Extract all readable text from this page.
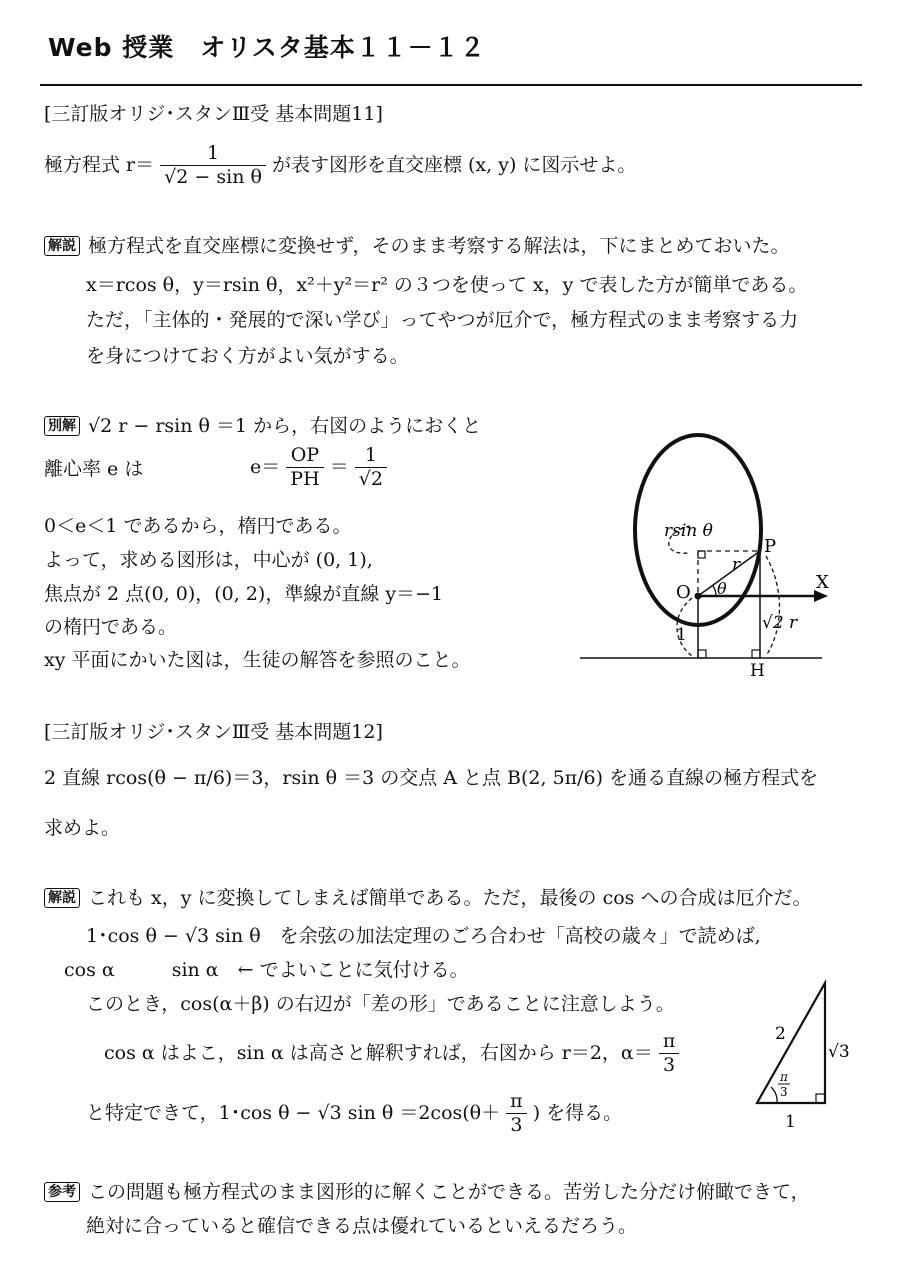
Web 授業　オリスタ基本１１－１２
[三訂版オリジ･スタンⅢ受 基本問題11]
極方程式 $r= \frac{1}{\text{√2 − sin θ}}$ が表す図形を直交座標 (x, y) に図示せよ。
解説 極方程式を直交座標に変換せず，そのまま考察する解法は，下にまとめておいた。
x＝rcos θ，y＝rsin θ，x²＋y²＝r² の３つを使って x，y で表した方が簡単である。
ただ，「主体的・発展的で深い学び」ってやつが厄介で，極方程式のまま考察する力
を身につけておく方がよい気がする。
別解 √2 r − rsin θ ＝1 から，右図のようにおくと
離心率 e は	$e= \frac{OP}{PH} = \frac{1}{√2}$
0＜e＜1 であるから，楕円である。
よって，求める図形は，中心が (0, 1),
焦点が 2 点(0, 0)，(0, 2)，準線が直線 y＝−1
の楕円である。
xy 平面にかいた図は，生徒の解答を参照のこと。
rsin θ
P
r
O θ	X
1
√2 r
H
[三訂版オリジ･スタンⅢ受 基本問題12]
2 直線 rcos(θ − π/6)＝3，rsin θ ＝3 の交点 A と点 B(2, 5π/6) を通る直線の極方程式を
求めよ。
解説 これも x，y に変換してしまえば簡単である。ただ，最後の cos への合成は厄介だ。
1･cos θ − √3 sin θ　を余弦の加法定理のごろ合わせ「高校の歳々」で読めば,
cos α　　　sin α　← でよいことに気付ける。
このとき，cos(α＋β) の右辺が「差の形」であることに注意しよう。
cos α はよこ，sin α は高さと解釈すれば，右図から r＝2，$\alpha= \frac{\pi}{3}$
と特定できて，1･cos θ − √3 $\sin \theta =2\cos(\theta+ \frac{\pi}{3}$ ) を得る。
2
√3
1
π
3
参考 この問題も極方程式のまま図形的に解くことができる。苦労した分だけ俯瞰できて，
絶対に合っていると確信できる点は優れているといえるだろう。
